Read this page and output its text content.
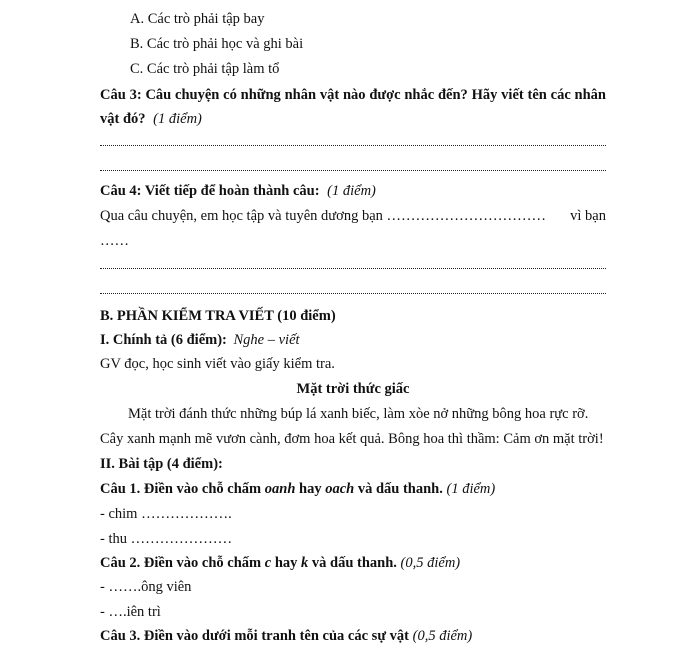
A. Các trò phải tập bay
B. Các trò phải học và ghi bài
C. Các trò phải tập làm tổ
Câu 3: Câu chuyện có những nhân vật nào được nhắc đến? Hãy viết tên các nhân
vật đó? (1 điểm)
Câu 4: Viết tiếp để hoàn thành câu: (1 điểm)
Qua câu chuyện, em học tập và tuyên dương bạn …………………………… vì bạn
……
B. PHẦN KIỂM TRA VIẾT (10 điểm)
I. Chính tả (6 điểm): Nghe – viết
GV đọc, học sinh viết vào giấy kiểm tra.
Mặt trời thức giấc
Mặt trời đánh thức những búp lá xanh biếc, làm xòe nở những bông hoa rực rỡ.
Cây xanh mạnh mẽ vươn cành, đơm hoa kết quả. Bông hoa thì thầm: Cảm ơn mặt trời!
II. Bài tập (4 điểm):
Câu 1. Điền vào chỗ chấm oanh hay oach và dấu thanh. (1 điểm)
- chim ……………….
- thu …………………
Câu 2. Điền vào chỗ chấm c hay k và dấu thanh. (0,5 điểm)
- …….ông viên
- ….iên trì
Câu 3. Điền vào dưới mỗi tranh tên của các sự vật (0,5 điểm)
